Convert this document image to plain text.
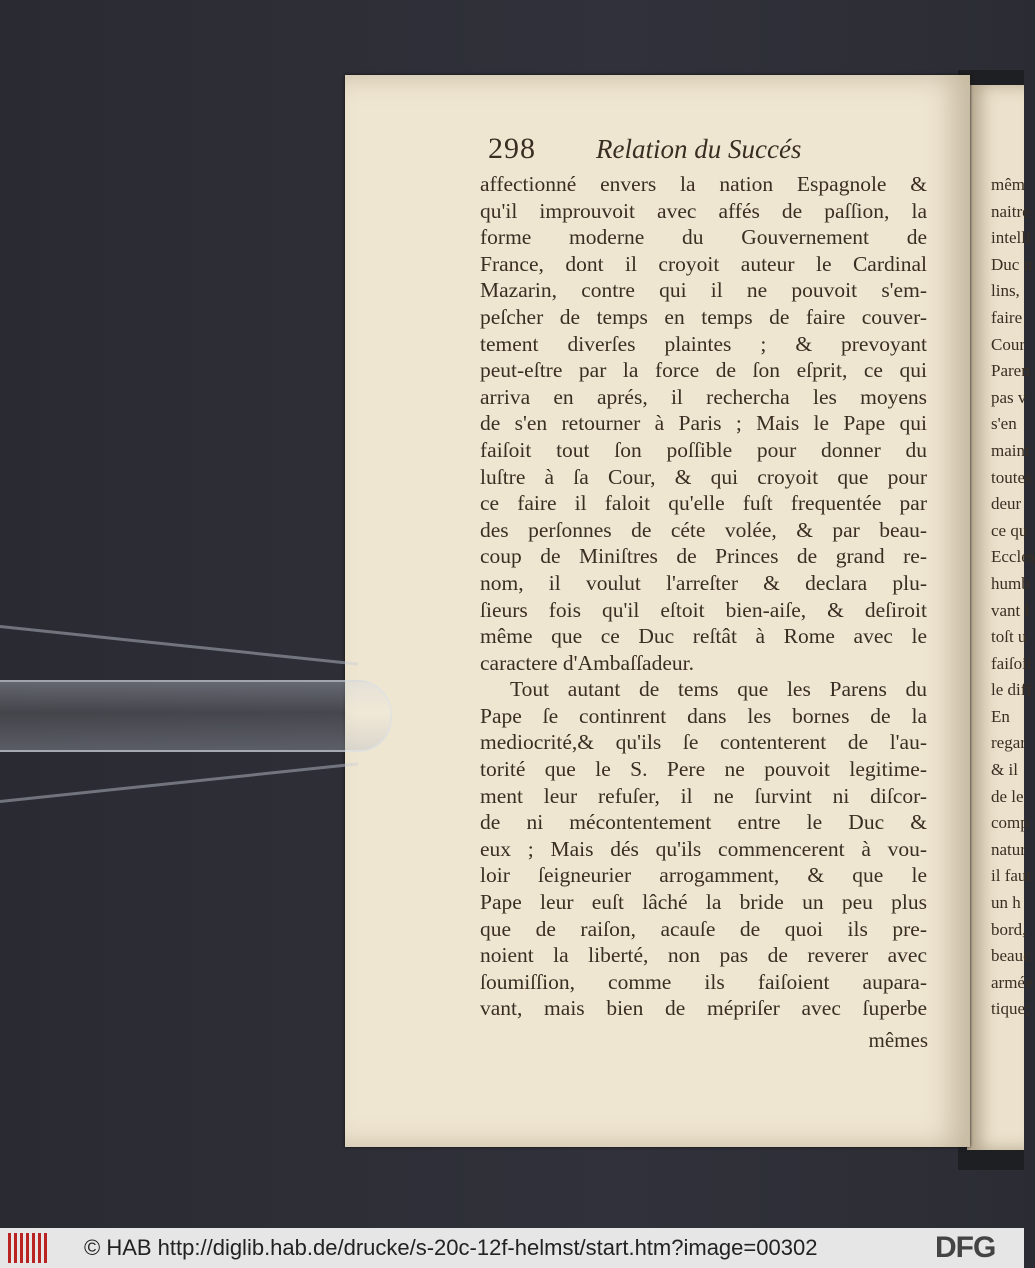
mêm
naitre
intelli
Duc n
lins,
faire
Cour
Paren
pas v
s'en
maint
toutes
deur
ce qu
Eccles
humb
vant l
toſt u
faiſoit
le diff
En
regar
& il
de le
comp
natur
il faut
un h
bord,
beauc
armée
tique;
298 Relation du Succés
affectionné envers la nation Espagnole &
qu'il improuvoit avec affés de paſſion, la
forme moderne du Gouvernement de
France, dont il croyoit auteur le Cardinal
Mazarin, contre qui il ne pouvoit s'em-
peſcher de temps en temps de faire couver-
tement diverſes plaintes ; & prevoyant
peut-eſtre par la force de ſon eſprit, ce qui
arriva en aprés, il rechercha les moyens
de s'en retourner à Paris ; Mais le Pape qui
faiſoit tout ſon poſſible pour donner du
luſtre à ſa Cour, & qui croyoit que pour
ce faire il faloit qu'elle fuſt frequentée par
des perſonnes de céte volée, & par beau-
coup de Miniſtres de Princes de grand re-
nom, il voulut l'arreſter & declara plu-
ſieurs fois qu'il eſtoit bien-aiſe, & deſiroit
même que ce Duc reſtât à Rome avec le
caractere d'Ambaſſadeur.
Tout autant de tems que les Parens du
Pape ſe continrent dans les bornes de la
mediocrité,& qu'ils ſe contenterent de l'au-
torité que le S. Pere ne pouvoit legitime-
ment leur refuſer, il ne ſurvint ni diſcor-
de ni mécontentement entre le Duc &
eux ; Mais dés qu'ils commencerent à vou-
loir ſeigneurier arrogamment, & que le
Pape leur euſt lâché la bride un peu plus
que de raiſon, acauſe de quoi ils pre-
noient la liberté, non pas de reverer avec
ſoumiſſion, comme ils faiſoient aupara-
vant, mais bien de mépriſer avec ſuperbe
mêmes
© HAB http://diglib.hab.de/drucke/s-20c-12f-helmst/start.htm?image=00302	DFG
